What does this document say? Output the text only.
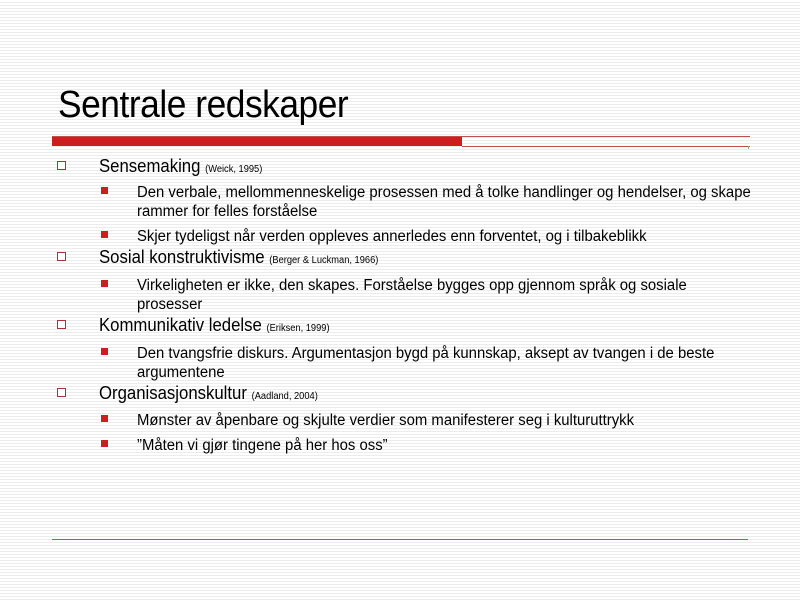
Sentrale redskaper
Sensemaking (Weick, 1995)
Den verbale, mellommenneskelige prosessen med å tolke handlinger og hendelser, og skape rammer for felles forståelse
Skjer tydeligst når verden oppleves annerledes enn forventet, og i tilbakeblikk
Sosial konstruktivisme (Berger & Luckman, 1966)
Virkeligheten er ikke, den skapes. Forståelse bygges opp gjennom språk og sosiale prosesser
Kommunikativ ledelse (Eriksen, 1999)
Den tvangsfrie diskurs. Argumentasjon bygd på kunnskap, aksept av tvangen i de beste argumentene
Organisasjonskultur (Aadland, 2004)
Mønster av åpenbare og skjulte verdier som manifesterer seg i kulturuttrykk
”Måten vi gjør tingene på her hos oss”
